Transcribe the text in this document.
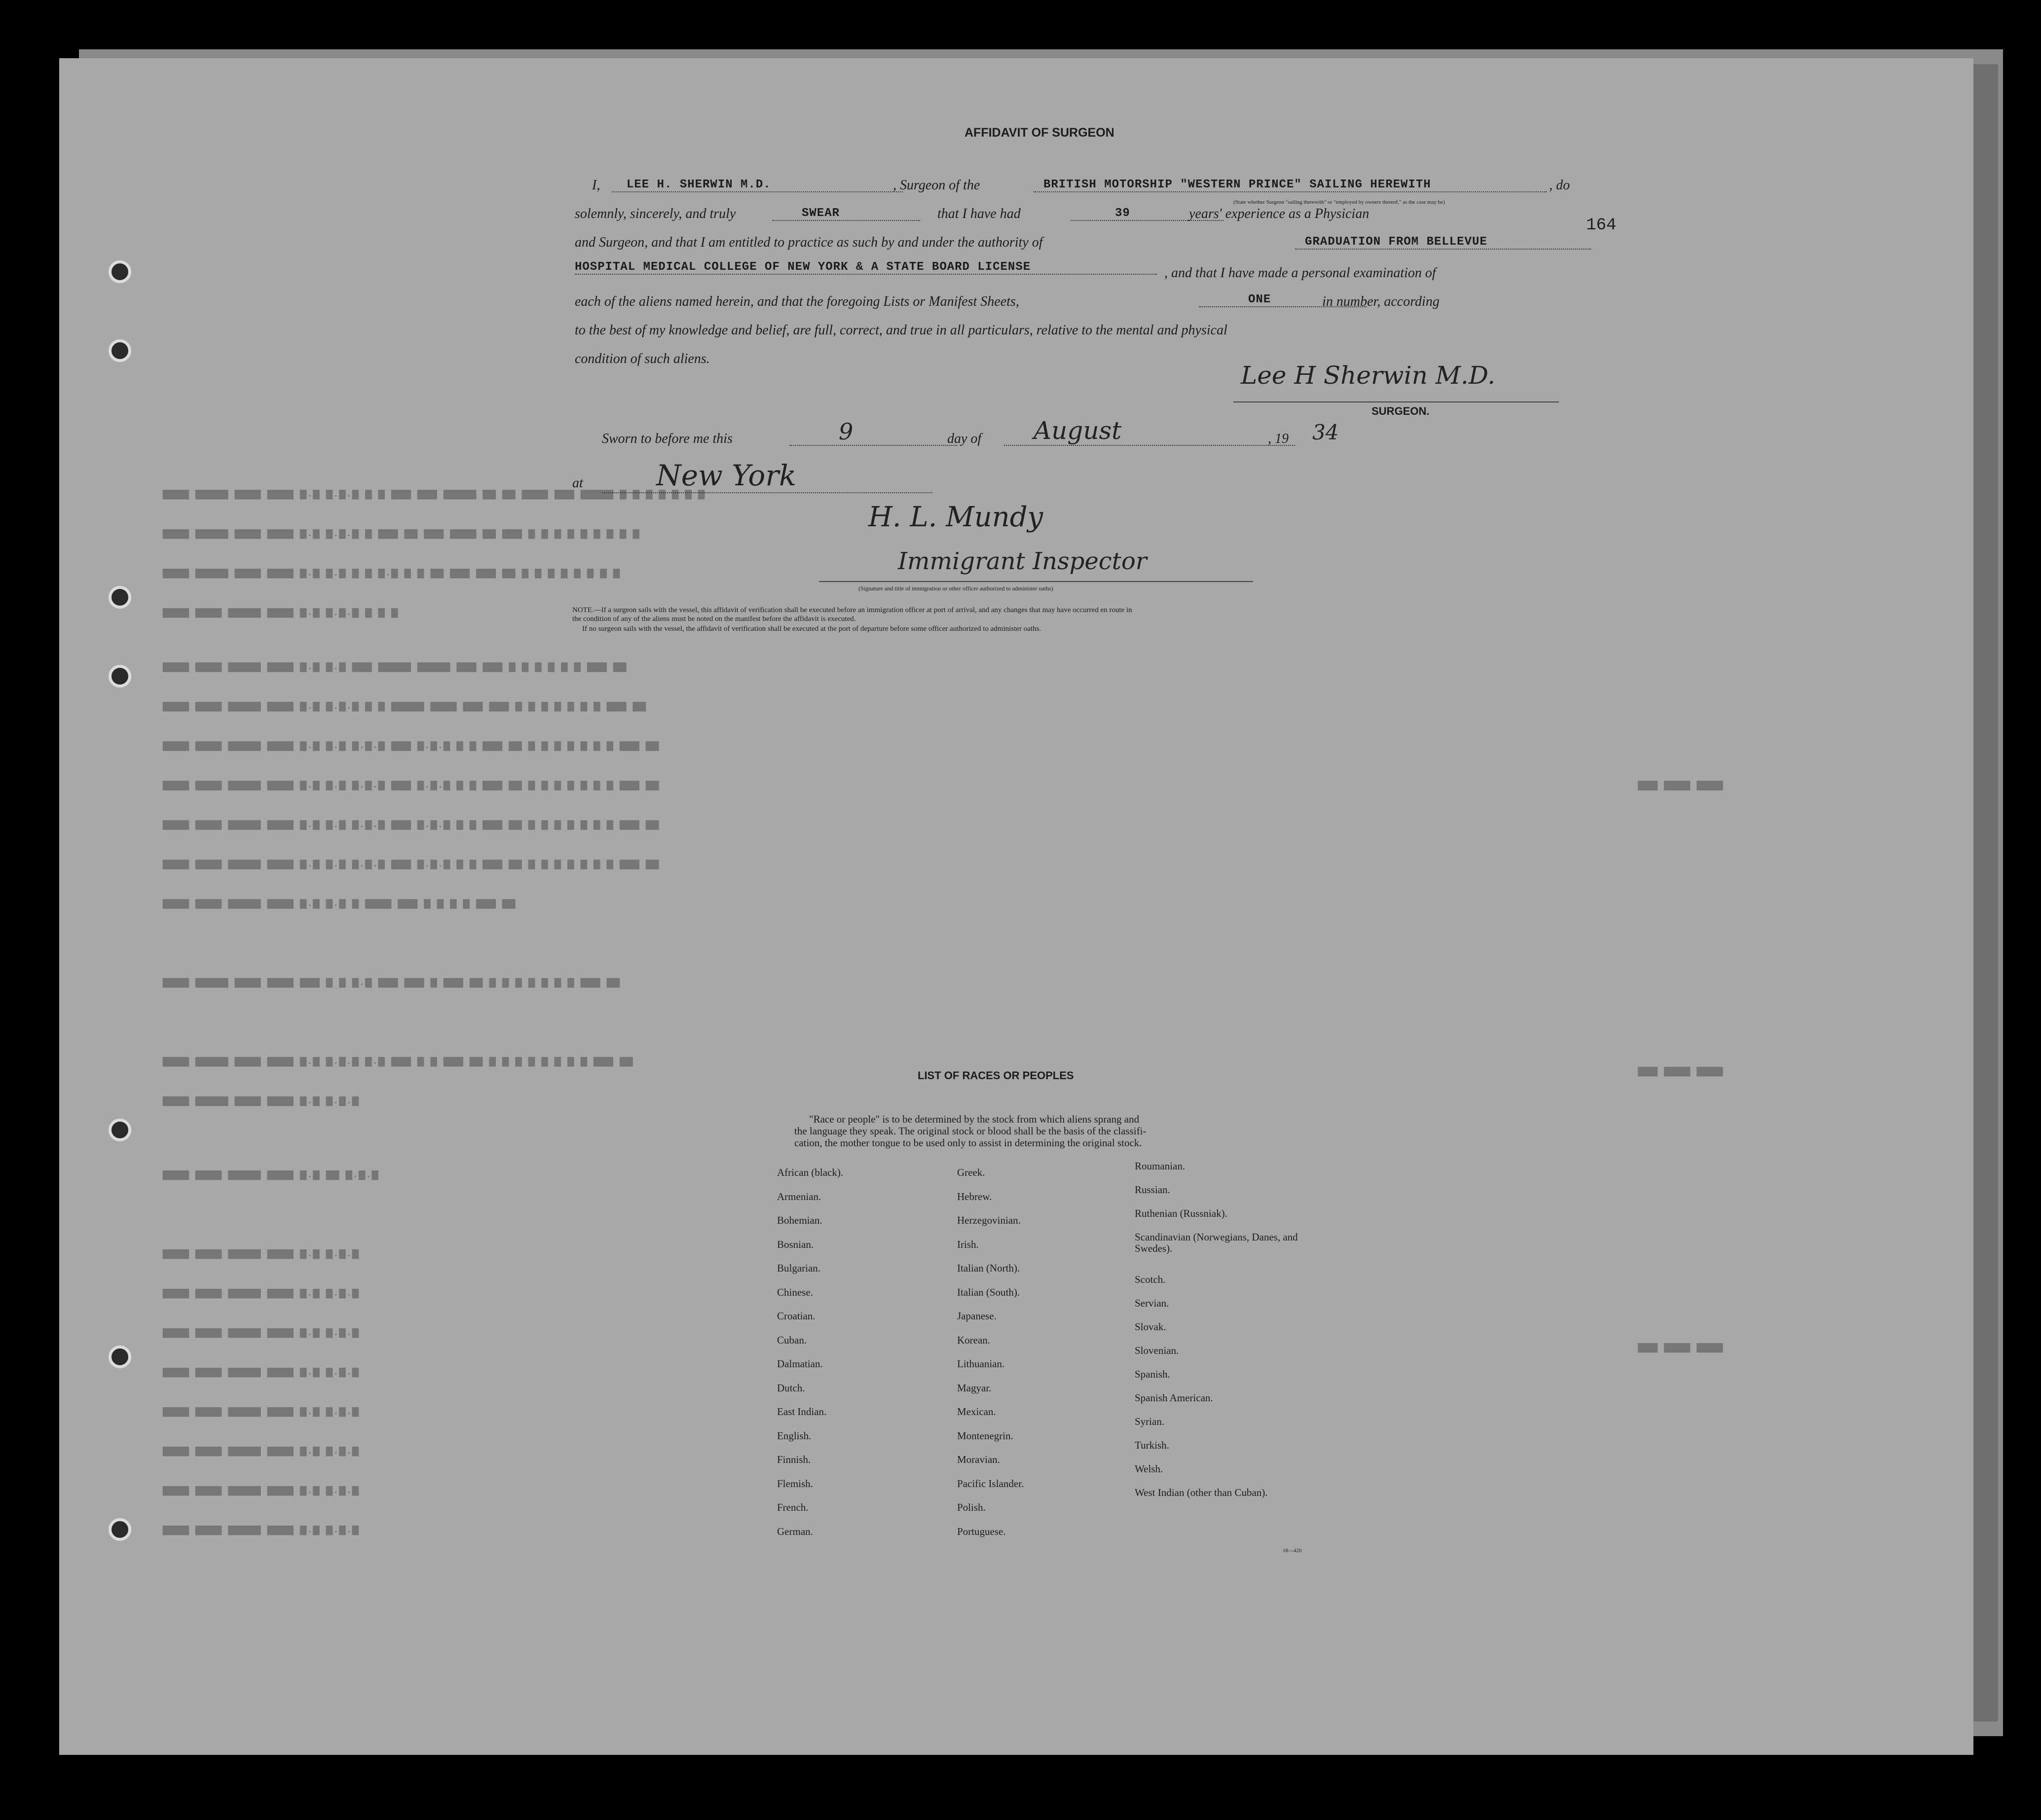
▆▆▆▆ ▆▆▆▆▆ ▆▆▆▆ ▆▆▆▆ ▆.▆ ▆.▆.▆ ▆ ▆ ▆▆▆ ▆▆▆ ▆▆▆▆▆ ▆▆ ▆▆ ▆▆▆▆ ▆▆▆ ▆▆▆▆▆ ▆ ▆ ▆ ▆ ▆ ▆ ▆
▆▆▆▆ ▆▆▆▆▆ ▆▆▆▆ ▆▆▆▆ ▆.▆ ▆.▆.▆ ▆ ▆▆▆ ▆▆ ▆▆▆ ▆▆▆▆ ▆▆ ▆▆▆ ▆ ▆ ▆ ▆ ▆ ▆ ▆ ▆ ▆
▆▆▆▆ ▆▆▆▆▆ ▆▆▆▆ ▆▆▆▆ ▆.▆ ▆.▆ ▆ ▆ ▆.▆ ▆ ▆ ▆▆ ▆▆▆ ▆▆▆ ▆▆ ▆ ▆ ▆ ▆ ▆ ▆ ▆ ▆
▆▆▆▆ ▆▆▆▆ ▆▆▆▆▆ ▆▆▆▆ ▆.▆ ▆.▆.▆ ▆ ▆ ▆
▆▆▆▆ ▆▆▆▆ ▆▆▆▆▆ ▆▆▆▆ ▆.▆ ▆.▆ ▆▆▆ ▆▆▆▆▆ ▆▆▆▆▆ ▆▆▆ ▆▆▆ ▆ ▆ ▆ ▆ ▆ ▆ ▆▆▆ ▆▆
▆▆▆▆ ▆▆▆▆ ▆▆▆▆▆ ▆▆▆▆ ▆.▆ ▆.▆.▆ ▆ ▆ ▆▆▆▆▆ ▆▆▆▆ ▆▆▆ ▆▆▆ ▆ ▆ ▆ ▆ ▆ ▆ ▆ ▆▆▆ ▆▆
▆▆▆▆ ▆▆▆▆ ▆▆▆▆▆ ▆▆▆▆ ▆.▆ ▆.▆ ▆.▆.▆ ▆▆▆ ▆.▆.▆ ▆ ▆ ▆▆▆ ▆▆ ▆ ▆ ▆ ▆ ▆ ▆ ▆ ▆▆▆ ▆▆
▆▆▆▆ ▆▆▆▆ ▆▆▆▆▆ ▆▆▆▆ ▆.▆ ▆.▆ ▆.▆.▆ ▆▆▆ ▆.▆.▆ ▆ ▆ ▆▆▆ ▆▆ ▆ ▆ ▆ ▆ ▆ ▆ ▆ ▆▆▆ ▆▆
▆▆▆▆ ▆▆▆▆ ▆▆▆▆▆ ▆▆▆▆ ▆.▆ ▆.▆ ▆.▆.▆ ▆▆▆ ▆.▆.▆ ▆ ▆ ▆▆▆ ▆▆ ▆ ▆ ▆ ▆ ▆ ▆ ▆ ▆▆▆ ▆▆
▆▆▆▆ ▆▆▆▆ ▆▆▆▆▆ ▆▆▆▆ ▆.▆ ▆.▆ ▆.▆.▆ ▆▆▆ ▆.▆.▆ ▆ ▆ ▆▆▆ ▆▆ ▆ ▆ ▆ ▆ ▆ ▆ ▆ ▆▆▆ ▆▆
▆▆▆▆ ▆▆▆▆ ▆▆▆▆▆ ▆▆▆▆ ▆.▆ ▆.▆ ▆ ▆▆▆▆ ▆▆▆ ▆ ▆ ▆ ▆ ▆▆▆ ▆▆
▆▆▆▆ ▆▆▆▆▆ ▆▆▆▆ ▆▆▆▆ ▆▆▆ ▆ ▆ ▆.▆ ▆▆▆ ▆▆▆ ▆ ▆▆▆ ▆▆ ▆ ▆ ▆ ▆ ▆ ▆ ▆ ▆▆▆ ▆▆
▆▆▆▆ ▆▆▆▆▆ ▆▆▆▆ ▆▆▆▆ ▆.▆ ▆.▆.▆ ▆.▆ ▆▆▆ ▆ ▆ ▆▆▆ ▆▆ ▆ ▆ ▆ ▆ ▆ ▆ ▆ ▆ ▆▆▆ ▆▆
▆▆▆▆ ▆▆▆▆▆ ▆▆▆▆ ▆▆▆▆ ▆.▆ ▆.▆.▆
▆▆▆▆ ▆▆▆▆ ▆▆▆▆▆ ▆▆▆▆ ▆.▆ ▆▆ ▆.▆.▆
▆▆▆▆ ▆▆▆▆ ▆▆▆▆▆ ▆▆▆▆ ▆.▆ ▆.▆.▆
▆▆▆▆ ▆▆▆▆ ▆▆▆▆▆ ▆▆▆▆ ▆.▆ ▆.▆.▆
▆▆▆▆ ▆▆▆▆ ▆▆▆▆▆ ▆▆▆▆ ▆.▆ ▆.▆.▆
▆▆▆▆ ▆▆▆▆ ▆▆▆▆▆ ▆▆▆▆ ▆.▆ ▆.▆.▆
▆▆▆▆ ▆▆▆▆ ▆▆▆▆▆ ▆▆▆▆ ▆.▆ ▆.▆.▆
▆▆▆▆ ▆▆▆▆ ▆▆▆▆▆ ▆▆▆▆ ▆.▆ ▆.▆.▆
▆▆▆▆ ▆▆▆▆ ▆▆▆▆▆ ▆▆▆▆ ▆.▆ ▆.▆.▆
▆▆▆▆ ▆▆▆▆ ▆▆▆▆▆ ▆▆▆▆ ▆.▆ ▆.▆.▆
▆▆▆ ▆▆▆▆ ▆▆▆▆
▆▆▆ ▆▆▆▆ ▆▆▆▆
▆▆▆ ▆▆▆▆ ▆▆▆▆
164
AFFIDAVIT OF SURGEON
I,	LEE H. SHERWIN M.D.	, Surgeon of the	BRITISH MOTORSHIP "WESTERN PRINCE" SAILING HEREWITH	, do
(State whether Surgeon "sailing therewith" or "employed by owners thereof," as the case may be)
solemnly, sincerely, and truly	SWEAR	that I have had	39	years' experience as a Physician
and Surgeon, and that I am entitled to practice as such by and under the authority of	GRADUATION FROM BELLEVUE
HOSPITAL MEDICAL COLLEGE OF NEW YORK & A STATE BOARD LICENSE	, and that I have made a personal examination of
each of the aliens named herein, and that the foregoing Lists or Manifest Sheets,	ONE	in number, according
to the best of my knowledge and belief, are full, correct, and true in all particulars, relative to the mental and physical
condition of such aliens.
Lee H Sherwin M.D.
SURGEON.
Sworn to before me this	9	day of	August	, 19 34
at	New York
H. L. Mundy
Immigrant Inspector
(Signature and title of immigration or other officer authorized to administer oaths)
NOTE.—If a surgeon sails with the vessel, this affidavit of verification shall be executed before an immigration officer at port of arrival, and any changes that may have occurred en route in
the condition of any of the aliens must be noted on the manifest before the affidavit is executed.
If no surgeon sails with the vessel, the affidavit of verification shall be executed at the port of departure before some officer authorized to administer oaths.
LIST OF RACES OR PEOPLES
"Race or people" is to be determined by the stock from which aliens sprang and
the language they speak. The original stock or blood shall be the basis of the classifi-
cation, the mother tongue to be used only to assist in determining the original stock.
African (black).
Armenian.
Bohemian.
Bosnian.
Bulgarian.
Chinese.
Croatian.
Cuban.
Dalmatian.
Dutch.
East Indian.
English.
Finnish.
Flemish.
French.
German.
Greek.
Hebrew.
Herzegovinian.
Irish.
Italian (North).
Italian (South).
Japanese.
Korean.
Lithuanian.
Magyar.
Mexican.
Montenegrin.
Moravian.
Pacific Islander.
Polish.
Portuguese.
Roumanian.
Russian.
Ruthenian (Russniak).
Scandinavian (Norwegians, Danes, and Swedes).
Scotch.
Servian.
Slovak.
Slovenian.
Spanish.
Spanish American.
Syrian.
Turkish.
Welsh.
West Indian (other than Cuban).
18—420
